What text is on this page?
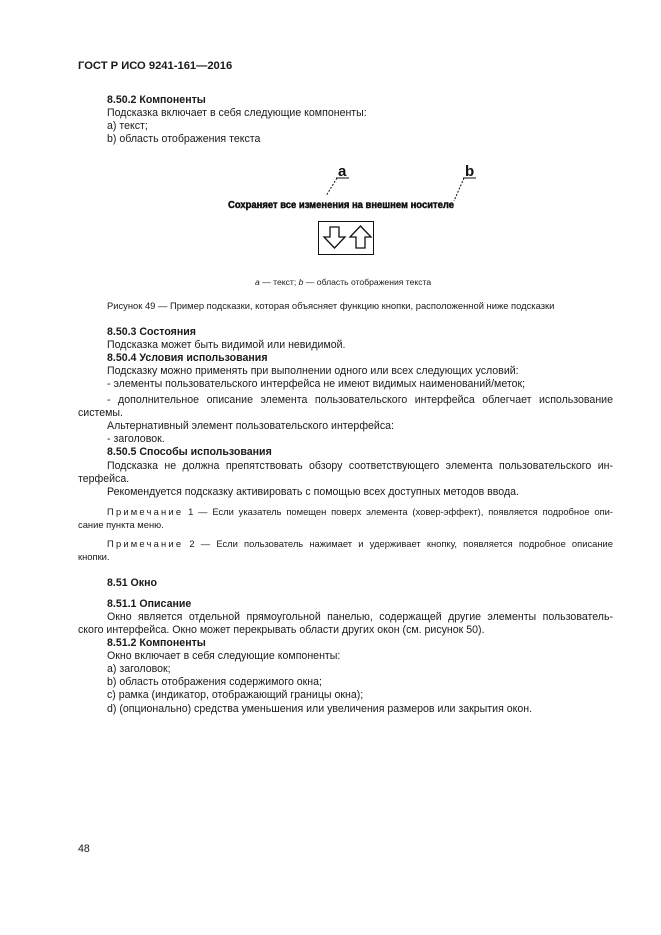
ГОСТ Р ИСО 9241-161—2016
8.50.2 Компоненты
Подсказка включает в себя следующие компоненты:
a) текст;
b) область отображения текста
a	b
Сохраняет все изменения на внешнем носителе
a — текст; b — область отображения текста
Рисунок 49 — Пример подсказки, которая объясняет функцию кнопки, расположенной ниже подсказки
8.50.3 Состояния
Подсказка может быть видимой или невидимой.
8.50.4 Условия использования
Подсказку можно применять при выполнении одного или всех следующих условий:
- элементы пользовательского интерфейса не имеют видимых наименований/меток;
- дополнительное описание элемента пользовательского интерфейса облегчает использование
системы.
Альтернативный элемент пользовательского интерфейса:
- заголовок.
8.50.5 Способы использования
Подсказка не должна препятствовать обзору соответствующего элемента пользовательского ин-
терфейса.
Рекомендуется подсказку активировать с помощью всех доступных методов ввода.
Примечание 1 — Если указатель помещен поверх элемента (ховер-эффект), появляется подробное опи-
сание пункта меню.
Примечание 2 — Если пользователь нажимает и удерживает кнопку, появляется подробное описание
кнопки.
8.51 Окно
8.51.1 Описание
Окно является отдельной прямоугольной панелью, содержащей другие элементы пользователь-
ского интерфейса. Окно может перекрывать области других окон (см. рисунок 50).
8.51.2 Компоненты
Окно включает в себя следующие компоненты:
a) заголовок;
b) область отображения содержимого окна;
c) рамка (индикатор, отображающий границы окна);
d) (опционально) средства уменьшения или увеличения размеров или закрытия окон.
48
